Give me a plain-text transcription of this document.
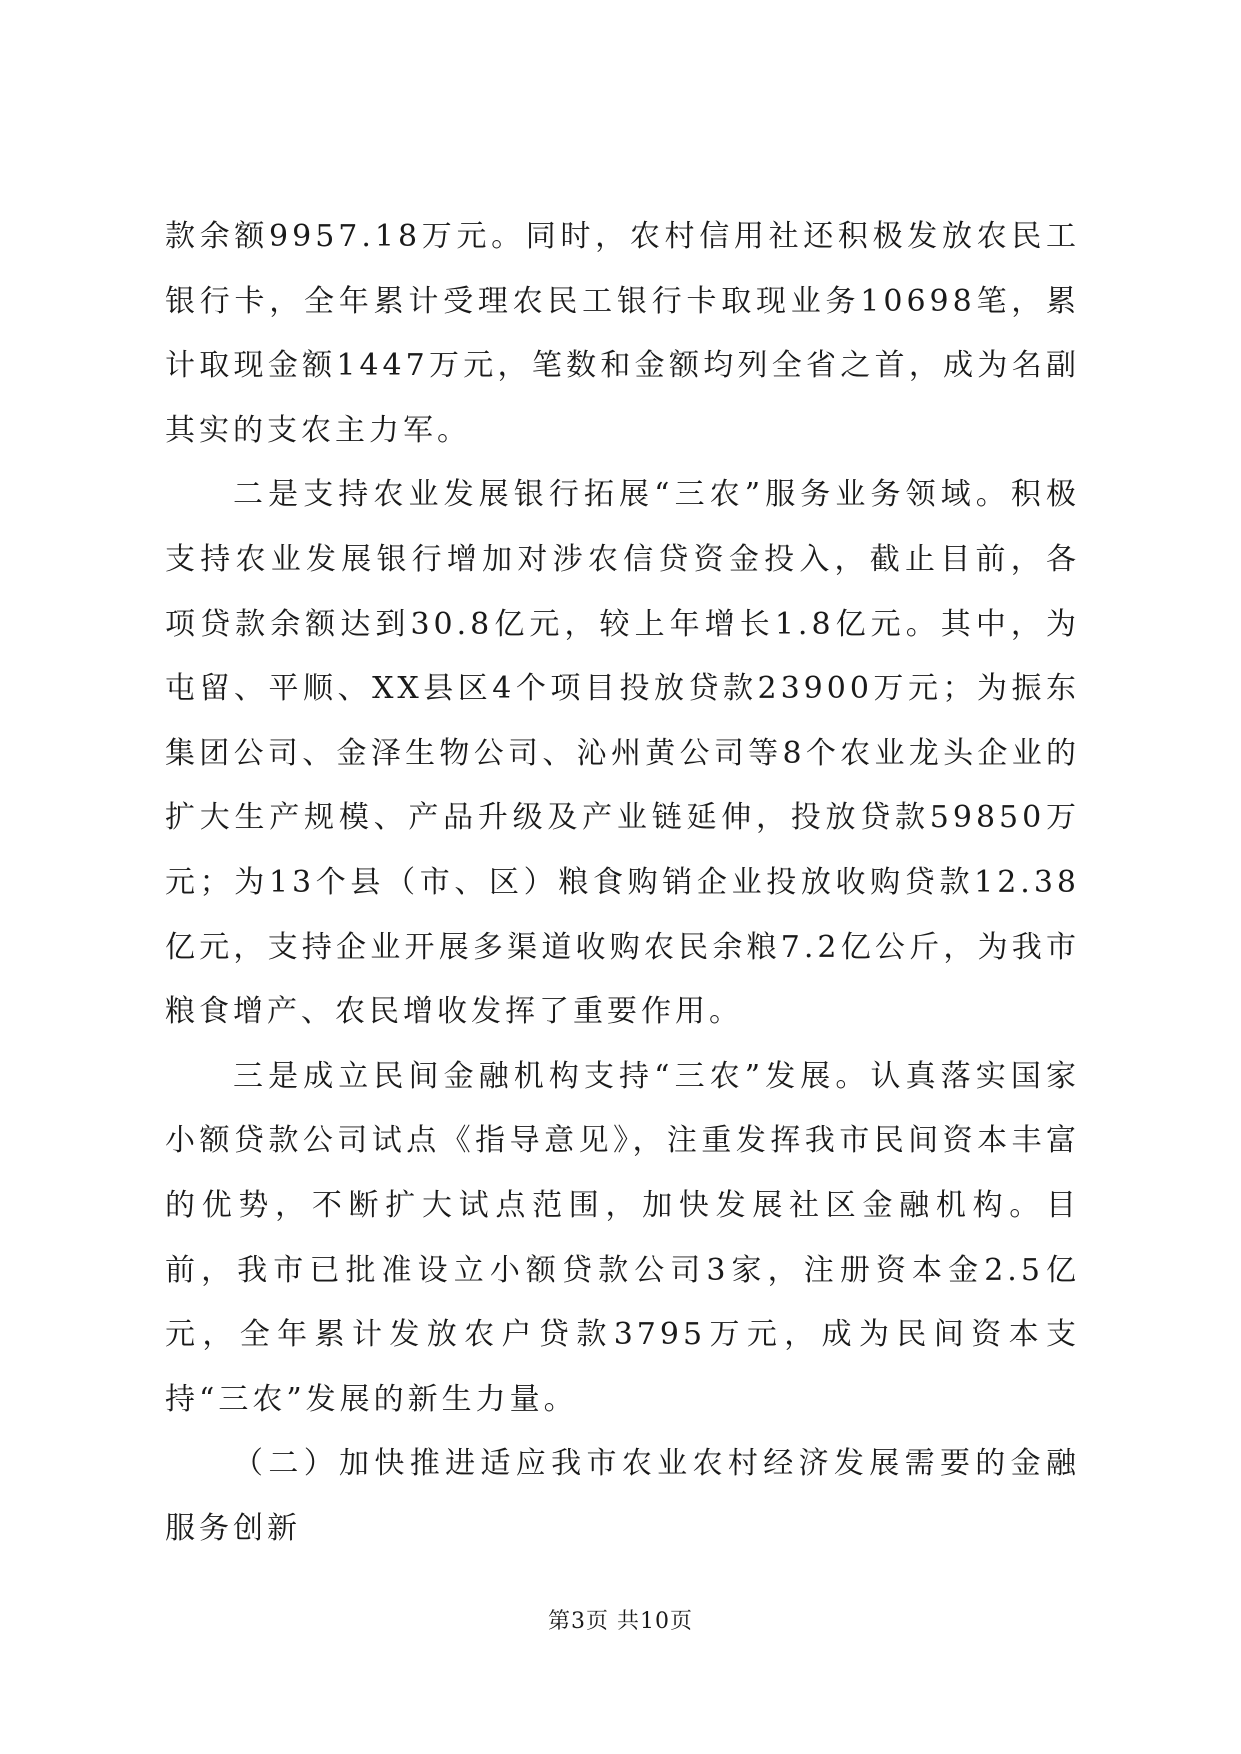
款余额9957.18万元。同时，农村信用社还积极发放农民工银行卡，全年累计受理农民工银行卡取现业务10698笔，累计取现金额1447万元，笔数和金额均列全省之首，成为名副其实的支农主力军。

二是支持农业发展银行拓展“三农”服务业务领域。积极支持农业发展银行增加对涉农信贷资金投入，截止目前，各项贷款余额达到30.8亿元，较上年增长1.8亿元。其中，为屯留、平顺、XX县区4个项目投放贷款23900万元；为振东集团公司、金泽生物公司、沁州黄公司等8个农业龙头企业的扩大生产规模、产品升级及产业链延伸，投放贷款59850万元；为13个县（市、区）粮食购销企业投放收购贷款12.38亿元，支持企业开展多渠道收购农民余粮7.2亿公斤，为我市粮食增产、农民增收发挥了重要作用。

三是成立民间金融机构支持“三农”发展。认真落实国家小额贷款公司试点《指导意见》，注重发挥我市民间资本丰富的优势，不断扩大试点范围，加快发展社区金融机构。目前，我市已批准设立小额贷款公司3家，注册资本金2.5亿元，全年累计发放农户贷款3795万元，成为民间资本支持“三农”发展的新生力量。

（二）加快推进适应我市农业农村经济发展需要的金融服务创新

第3页 共10页
